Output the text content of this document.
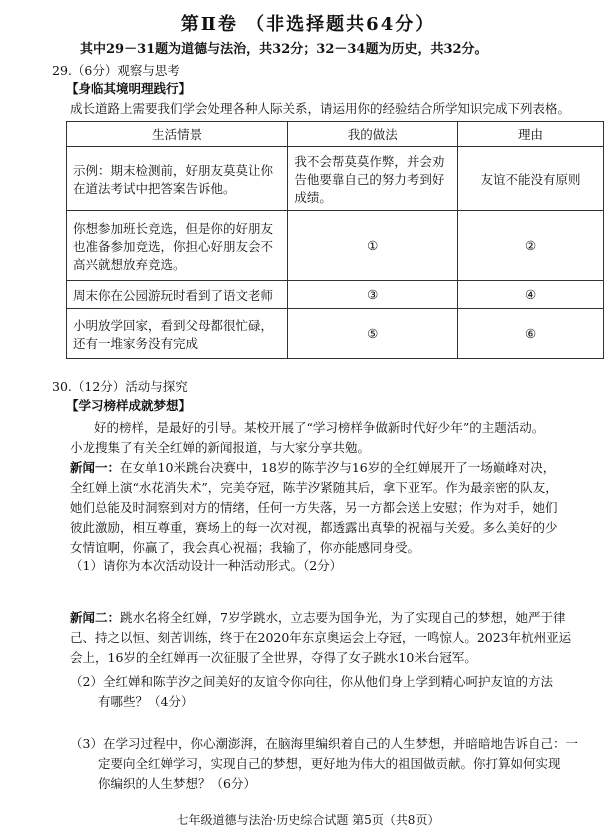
第Ⅱ卷 （非选择题共64分）
其中29－31题为道德与法治，共32分；32－34题为历史，共32分。
29.（6分）观察与思考
【身临其境明理践行】
成长道路上需要我们学会处理各种人际关系，请运用你的经验结合所学知识完成下列表格。
生活情景	我的做法	理由
示例：期末检测前，好朋友莫莫让你在道法考试中把答案告诉他。	我不会帮莫莫作弊，并会劝告他要靠自己的努力考到好成绩。	友谊不能没有原则
你想参加班长竞选，但是你的好朋友也准备参加竞选，你担心好朋友会不高兴就想放弃竞选。	①	②
周末你在公园游玩时看到了语文老师	③	④
小明放学回家，看到父母都很忙碌，还有一堆家务没有完成	⑤	⑥
30.（12分）活动与探究
【学习榜样成就梦想】
好的榜样，是最好的引导。某校开展了“学习榜样争做新时代好少年”的主题活动。
小龙搜集了有关全红婵的新闻报道，与大家分享共勉。
新闻一：在女单10米跳台决赛中，18岁的陈芋汐与16岁的全红婵展开了一场巅峰对决，
全红婵上演“水花消失术”，完美夺冠，陈芋汐紧随其后，拿下亚军。作为最亲密的队友，
她们总能及时洞察到对方的情绪，任何一方失落，另一方都会送上安慰；作为对手，她们
彼此激励，相互尊重，赛场上的每一次对视，都透露出真挚的祝福与关爱。多么美好的少
女情谊啊，你赢了，我会真心祝福；我输了，你亦能感同身受。
（1）请你为本次活动设计一种活动形式。（2分）
新闻二：跳水名将全红婵，7岁学跳水，立志要为国争光，为了实现自己的梦想，她严于律
己、持之以恒、刻苦训练，终于在2020年东京奥运会上夺冠，一鸣惊人。2023年杭州亚运
会上，16岁的全红婵再一次征服了全世界，夺得了女子跳水10米台冠军。
（2）全红婵和陈芋汐之间美好的友谊令你向往，你从他们身上学到精心呵护友谊的方法
有哪些？（4分）
（3）在学习过程中，你心潮澎湃，在脑海里编织着自己的人生梦想，并暗暗地告诉自己：一
定要向全红婵学习，实现自己的梦想，更好地为伟大的祖国做贡献。你打算如何实现
你编织的人生梦想？（6分）
七年级道德与法治·历史综合试题 第5页（共8页）
